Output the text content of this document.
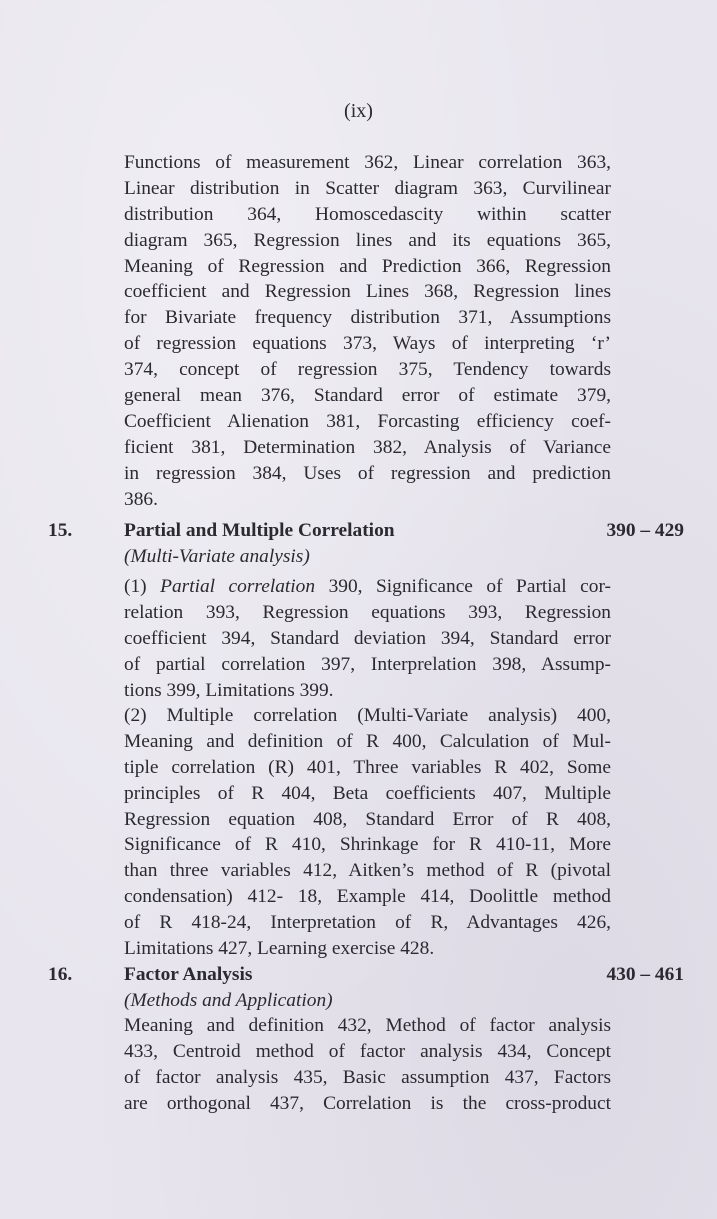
(ix)
Functions of measurement 362, Linear correlation 363,
Linear distribution in Scatter diagram 363, Curvilinear
distribution 364, Homoscedascity within scatter
diagram 365, Regression lines and its equations 365,
Meaning of Regression and Prediction 366, Regression
coefficient and Regression Lines 368, Regression lines
for Bivariate frequency distribution 371, Assumptions
of regression equations 373, Ways of interpreting ‘r’
374, concept of regression 375, Tendency towards
general mean 376, Standard error of estimate 379,
Coefficient Alienation 381, Forcasting efficiency coef-
ficient 381, Determination 382, Analysis of Variance
in regression 384, Uses of regression and prediction
386.
15.	Partial and Multiple Correlation	390 – 429
(Multi-Variate analysis)
(1) Partial correlation 390, Significance of Partial cor-
relation 393, Regression equations 393, Regression
coefficient 394, Standard deviation 394, Standard error
of partial correlation 397, Interprelation 398, Assump-
tions 399, Limitations 399.
(2) Multiple correlation (Multi-Variate analysis) 400,
Meaning and definition of R 400, Calculation of Mul-
tiple correlation (R) 401, Three variables R 402, Some
principles of R 404, Beta coefficients 407, Multiple
Regression equation 408, Standard Error of R 408,
Significance of R 410, Shrinkage for R 410-11, More
than three variables 412, Aitken’s method of R (pivotal
condensation) 412- 18, Example 414, Doolittle method
of R 418-24, Interpretation of R, Advantages 426,
Limitations 427, Learning exercise 428.
16.	Factor Analysis	430 – 461
(Methods and Application)
Meaning and definition 432, Method of factor analysis
433, Centroid method of factor analysis 434, Concept
of factor analysis 435, Basic assumption 437, Factors
are orthogonal 437, Correlation is the cross-product
